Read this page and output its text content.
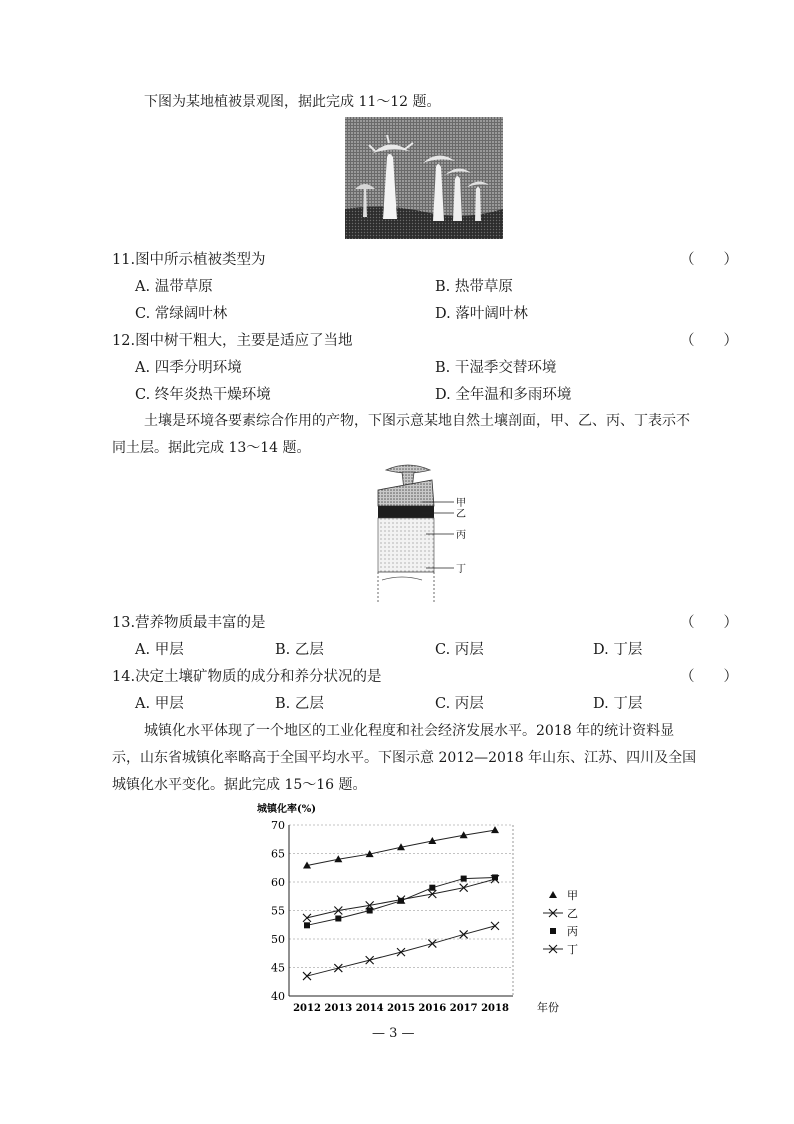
下图为某地植被景观图，据此完成 11～12 题。
11.图中所示植被类型为	（　　）
A. 温带草原	B. 热带草原
C. 常绿阔叶林	D. 落叶阔叶林
12.图中树干粗大，主要是适应了当地	（　　）
A. 四季分明环境	B. 干湿季交替环境
C. 终年炎热干燥环境	D. 全年温和多雨环境
土壤是环境各要素综合作用的产物，下图示意某地自然土壤剖面，甲、乙、丙、丁表示不
同土层。据此完成 13～14 题。
甲
乙
丙
丁
13.营养物质最丰富的是	（　　）
A. 甲层	B. 乙层	C. 丙层	D. 丁层
14.决定土壤矿物质的成分和养分状况的是	（　　）
A. 甲层	B. 乙层	C. 丙层	D. 丁层
城镇化水平体现了一个地区的工业化程度和社会经济发展水平。2018 年的统计资料显
示，山东省城镇化率略高于全国平均水平。下图示意 2012—2018 年山东、江苏、四川及全国
城镇化水平变化。据此完成 15～16 题。
城镇化率(%)
40
45
50
55
60
65
70
2012 2013 2014 2015 2016 2017 2018	年份
甲
乙
丙
丁
— 3 —
